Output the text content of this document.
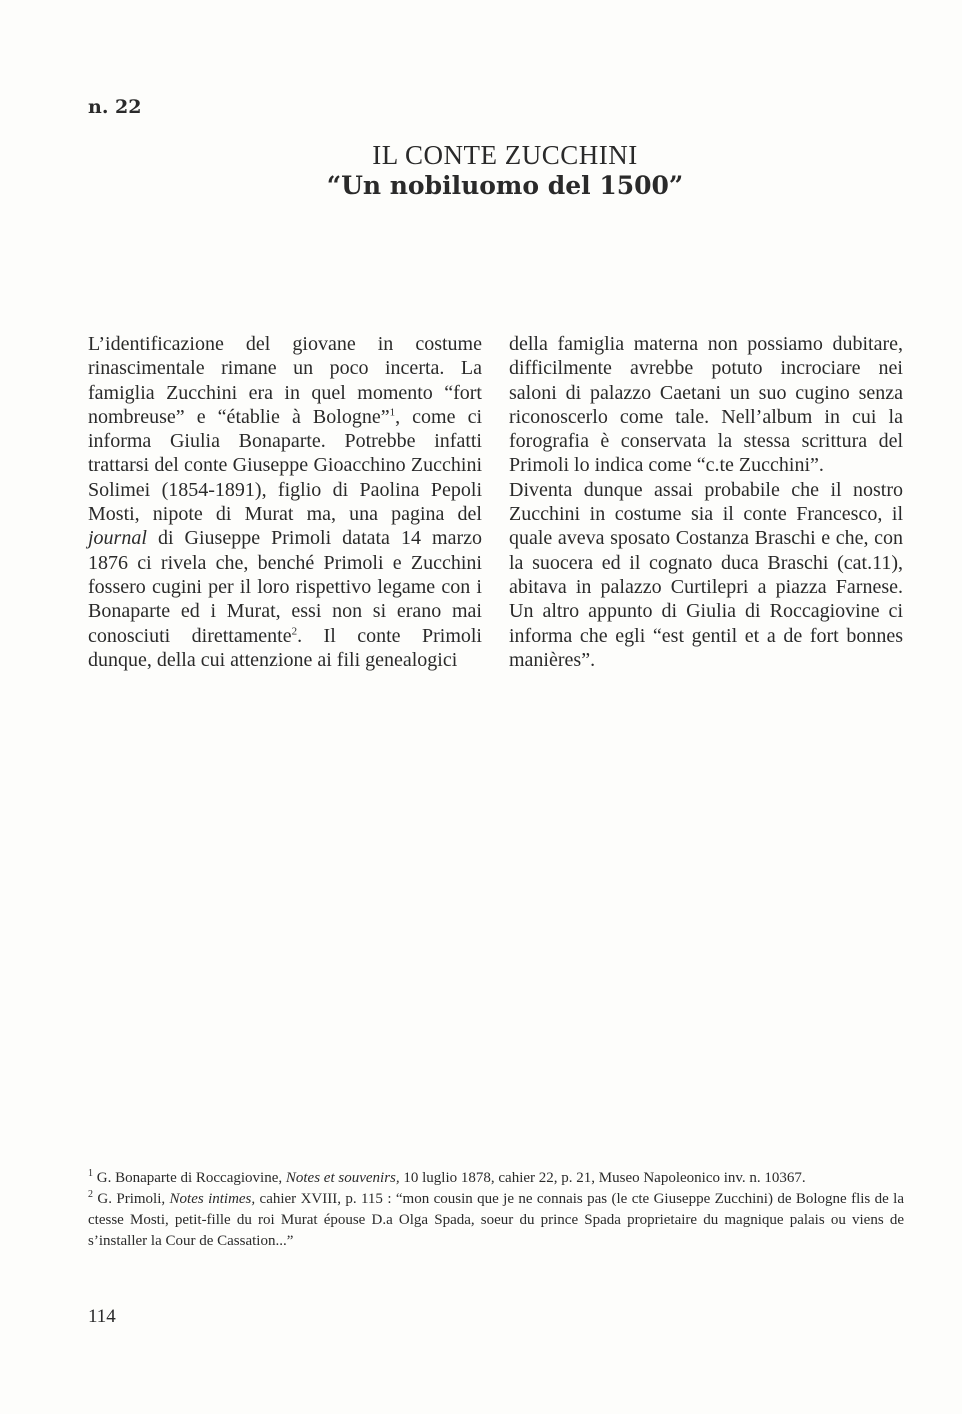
n. 22
IL CONTE ZUCCHINI
“Un nobiluomo del 1500”

L’identificazione del giovane in costume rinascimentale rimane un poco incerta. La famiglia Zucchini era in quel momento “fort nombreuse” e “établie à Bologne”$^1$, come ci informa Giulia Bonaparte. Potrebbe infatti trattarsi del conte Giuseppe Gioacchino Zucchini Solimei (1854-1891), figlio di Paolina Pepoli Mosti, nipote di Murat ma, una pagina del journal di Giuseppe Primoli datata 14 marzo 1876 ci rivela che, benché Primoli e Zucchini fossero cugini per il loro rispettivo legame con i Bonaparte ed i Murat, essi non si erano mai conosciuti direttamente$^2$. Il conte Primoli dunque, della cui attenzione ai fili genealogici

della famiglia materna non possiamo dubitare, difficilmente avrebbe potuto incrociare nei saloni di palazzo Caetani un suo cugino senza riconoscerlo come tale. Nell’album in cui la forografia è conservata la stessa scrittura del Primoli lo indica come “c.te Zucchini”.

Diventa dunque assai probabile che il nostro Zucchini in costume sia il conte Francesco, il quale aveva sposato Costanza Braschi e che, con la suocera ed il cognato duca Braschi (cat.11), abitava in palazzo Curtilepri a piazza Farnese. Un altro appunto di Giulia di Roccagiovine ci informa che egli “est gentil et a de fort bonnes manières”.

$^1$ G. Bonaparte di Roccagiovine, Notes et souvenirs, 10 luglio 1878, cahier 22, p. 21, Museo Napoleonico inv. n. 10367.

$^2$ G. Primoli, Notes intimes, cahier XVIII, p. 115 : “mon cousin que je ne connais pas (le cte Giuseppe Zucchini) de Bologne flis de la ctesse Mosti, petit-fille du roi Murat épouse D.a Olga Spada, soeur du prince Spada proprietaire du magnique palais ou viens de s’installer la Cour de Cassation...”

114
